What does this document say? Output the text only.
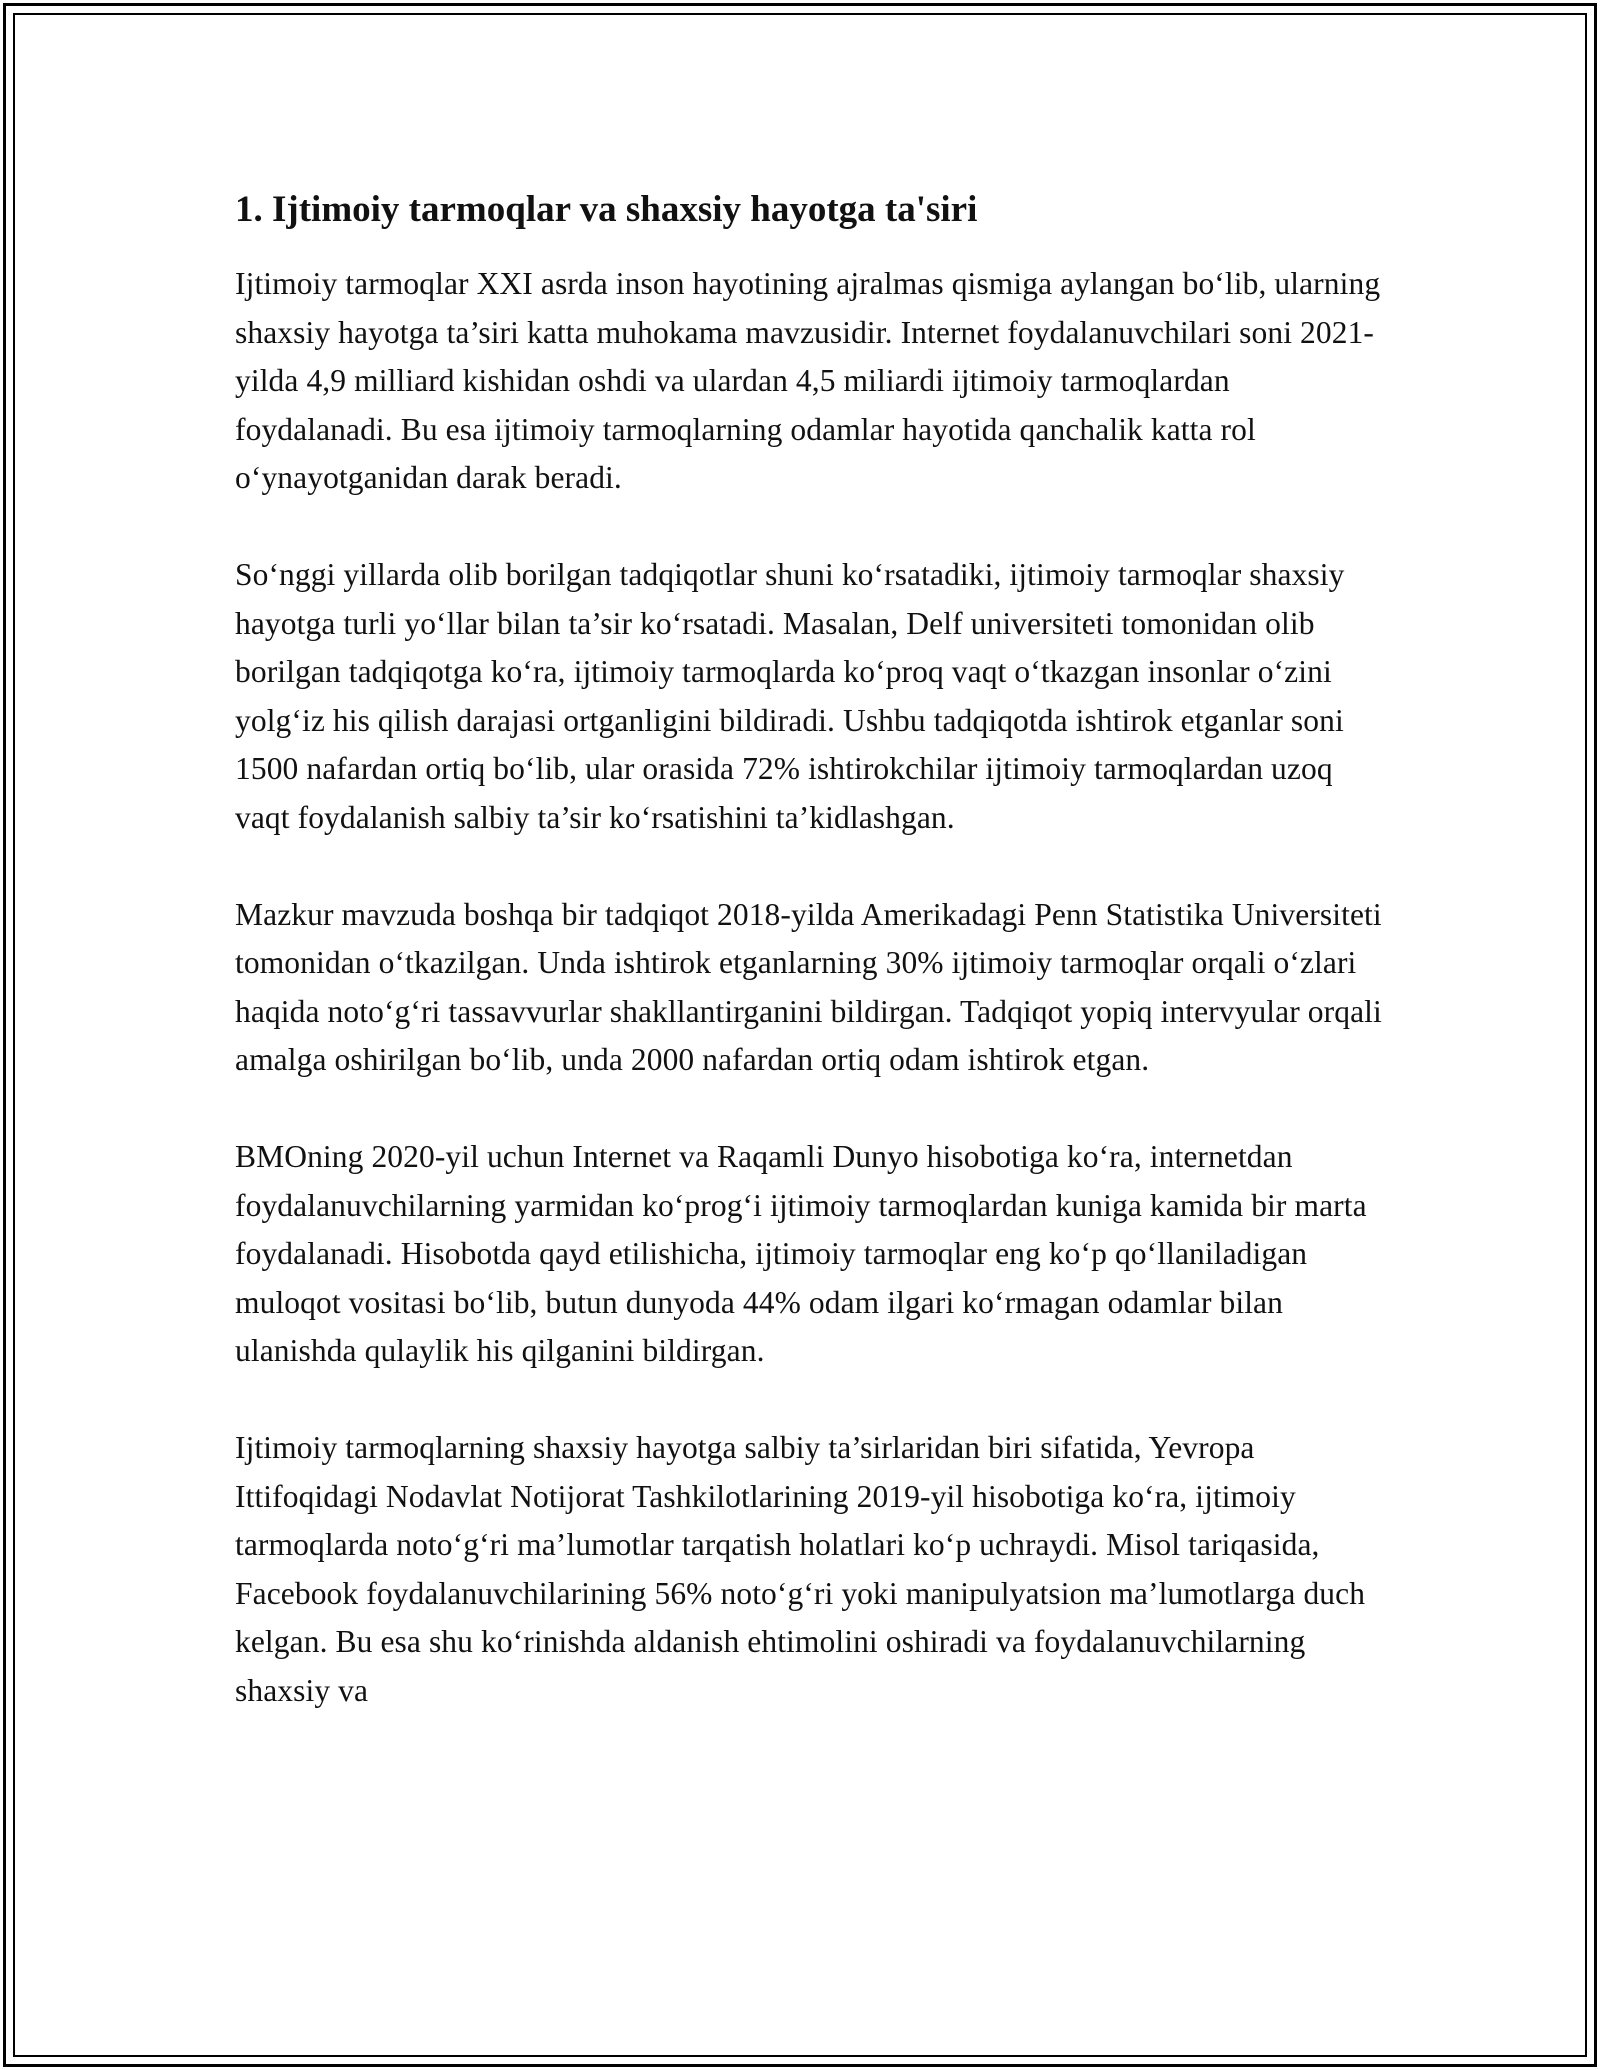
1. Ijtimoiy tarmoqlar va shaxsiy hayotga ta'siri

Ijtimoiy tarmoqlar XXI asrda inson hayotining ajralmas qismiga aylangan bo‘lib, ularning shaxsiy hayotga ta’siri katta muhokama mavzusidir. Internet foydalanuvchilari soni 2021-yilda 4,9 milliard kishidan oshdi va ulardan 4,5 miliardi ijtimoiy tarmoqlardan foydalanadi. Bu esa ijtimoiy tarmoqlarning odamlar hayotida qanchalik katta rol o‘ynayotganidan darak beradi.

So‘nggi yillarda olib borilgan tadqiqotlar shuni ko‘rsatadiki, ijtimoiy tarmoqlar shaxsiy hayotga turli yo‘llar bilan ta’sir ko‘rsatadi. Masalan, Delf universiteti tomonidan olib borilgan tadqiqotga ko‘ra, ijtimoiy tarmoqlarda ko‘proq vaqt o‘tkazgan insonlar o‘zini yolg‘iz his qilish darajasi ortganligini bildiradi. Ushbu tadqiqotda ishtirok etganlar soni 1500 nafardan ortiq bo‘lib, ular orasida 72% ishtirokchilar ijtimoiy tarmoqlardan uzoq vaqt foydalanish salbiy ta’sir ko‘rsatishini ta’kidlashgan.

Mazkur mavzuda boshqa bir tadqiqot 2018-yilda Amerikadagi Penn Statistika Universiteti tomonidan o‘tkazilgan. Unda ishtirok etganlarning 30% ijtimoiy tarmoqlar orqali o‘zlari haqida noto‘g‘ri tassavvurlar shakllantirganini bildirgan. Tadqiqot yopiq intervyular orqali amalga oshirilgan bo‘lib, unda 2000 nafardan ortiq odam ishtirok etgan.

BMOning 2020-yil uchun Internet va Raqamli Dunyo hisobotiga ko‘ra, internetdan foydalanuvchilarning yarmidan ko‘prog‘i ijtimoiy tarmoqlardan kuniga kamida bir marta foydalanadi. Hisobotda qayd etilishicha, ijtimoiy tarmoqlar eng ko‘p qo‘llaniladigan muloqot vositasi bo‘lib, butun dunyoda 44% odam ilgari ko‘rmagan odamlar bilan ulanishda qulaylik his qilganini bildirgan.

Ijtimoiy tarmoqlarning shaxsiy hayotga salbiy ta’sirlaridan biri sifatida, Yevropa Ittifoqidagi Nodavlat Notijorat Tashkilotlarining 2019-yil hisobotiga ko‘ra, ijtimoiy tarmoqlarda noto‘g‘ri ma’lumotlar tarqatish holatlari ko‘p uchraydi. Misol tariqasida, Facebook foydalanuvchilarining 56% noto‘g‘ri yoki manipulyatsion ma’lumotlarga duch kelgan. Bu esa shu ko‘rinishda aldanish ehtimolini oshiradi va foydalanuvchilarning shaxsiy va
